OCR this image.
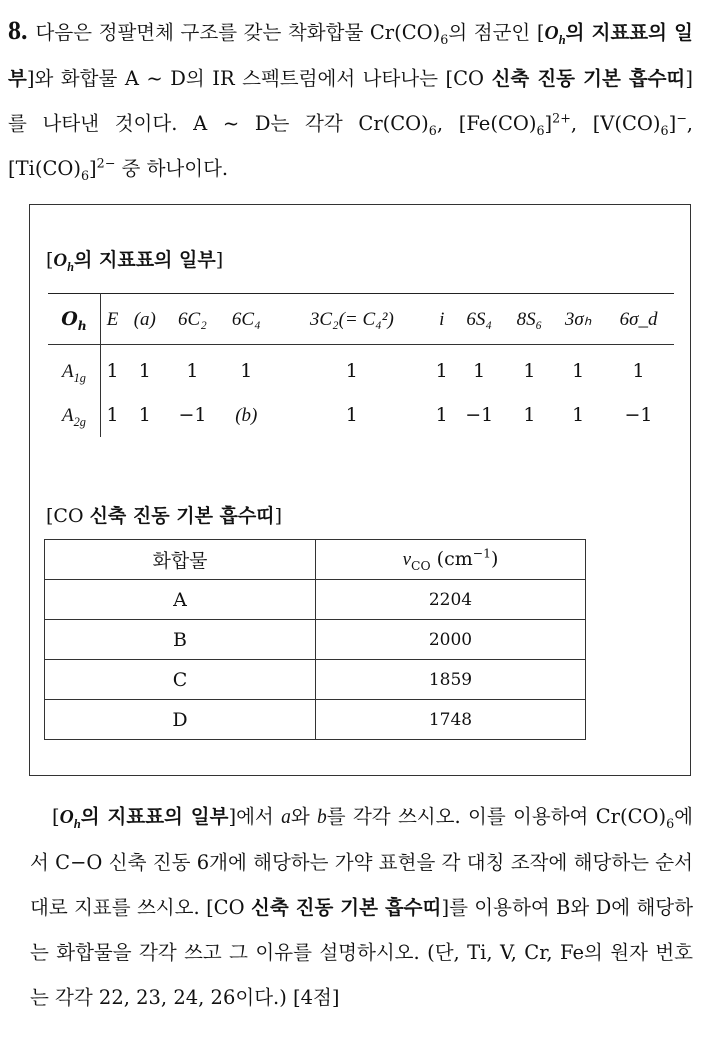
8. 다음은 정팔면체 구조를 갖는 착화합물 $Cr(CO)_6$의 점군인 [$O_h$의 지표표의 일부]와 화합물 A ~ D의 IR 스펙트럼에서 나타나는 [CO 신축 진동 기본 흡수띠]를 나타낸 것이다. A ~ D는 각각 $Cr(CO)_6$, $[Fe(CO)_6]^{2+}$, $[V(CO)_6]^-$, $[Ti(CO)_6]^{2-}$ 중 하나이다.
[$O_h$의 지표표의 일부]
$O_h$	E	(a)	6C₂	6C₄	3C₂(= C₄²)	i	6S₄	8S₆	3σₕ	6σ_d
$A_{1g}$	1	1	1	1	1	1	1	1	1	1
$A_{2g}$	1	1	−1	(b)	1	1	−1	1	1	−1
[CO 신축 진동 기본 흡수띠]
화합물	$\nu_{CO}$ $(cm^{-1})$
A	2204
B	2000
C	1859
D	1748
[$O_h$의 지표표의 일부]에서 a와 b를 각각 쓰시오. 이를 이용하여 $Cr(CO)_6$에서 C−O 신축 진동 6개에 해당하는 가약 표현을 각 대칭 조작에 해당하는 순서대로 지표를 쓰시오. [CO 신축 진동 기본 흡수띠]를 이용하여 B와 D에 해당하는 화합물을 각각 쓰고 그 이유를 설명하시오. (단, Ti, V, Cr, Fe의 원자 번호는 각각 22, 23, 24, 26이다.) [4점]
